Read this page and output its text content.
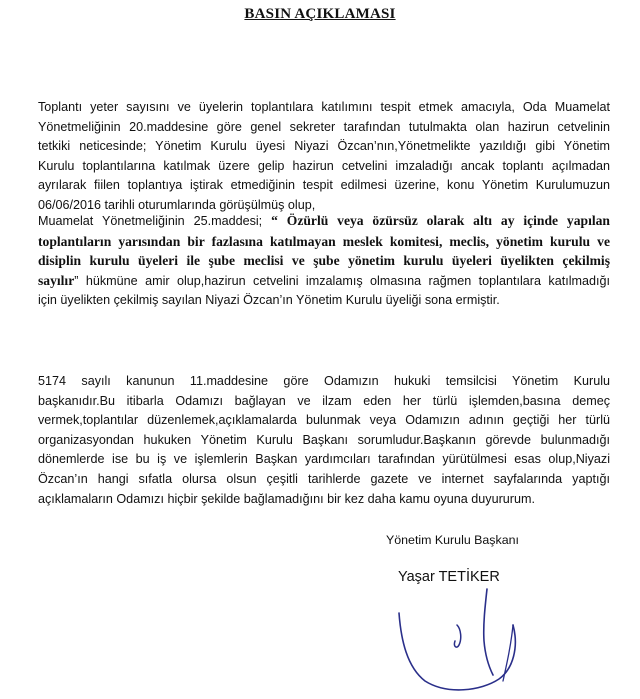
BASIN AÇIKLAMASI

Toplantı yeter sayısını ve üyelerin toplantılara katılımını tespit etmek amacıyla, Oda Muamelat
Yönetmeliğinin 20.maddesine göre genel sekreter tarafından tutulmakta olan hazirun cetvelinin
tetkiki neticesinde; Yönetim Kurulu üyesi Niyazi Özcan’nın,Yönetmelikte yazıldığı gibi Yönetim
Kurulu toplantılarına katılmak üzere gelip hazirun cetvelini imzaladığı ancak toplantı açılmadan
ayrılarak fiilen toplantıya iştirak etmediğinin tespit edilmesi üzerine, konu Yönetim Kurulumuzun
06/06/2016 tarihli oturumlarında görüşülmüş olup,

Muamelat Yönetmeliğinin 25.maddesi; “ Özürlü veya özürsüz olarak altı ay içinde yapılan
toplantıların yarısından bir fazlasına katılmayan meslek komitesi, meclis, yönetim kurulu ve
disiplin kurulu üyeleri ile şube meclisi ve şube yönetim kurulu üyeleri üyelikten çekilmiş
sayılır” hükmüne amir olup,hazirun cetvelini imzalamış olmasına rağmen toplantılara katılmadığı
için üyelikten çekilmiş sayılan Niyazi Özcan’ın Yönetim Kurulu üyeliği sona ermiştir.

5174 sayılı kanunun 11.maddesine göre Odamızın hukuki temsilcisi Yönetim Kurulu
başkanıdır.Bu itibarla Odamızı bağlayan ve ilzam eden her türlü işlemden,basına demeç
vermek,toplantılar düzenlemek,açıklamalarda bulunmak veya Odamızın adının geçtiği her türlü
organizasyondan hukuken Yönetim Kurulu Başkanı sorumludur.Başkanın görevde bulunmadığı
dönemlerde ise bu iş ve işlemlerin Başkan yardımcıları tarafından yürütülmesi esas olup,Niyazi
Özcan’ın hangi sıfatla olursa olsun çeşitli tarihlerde gazete ve internet sayfalarında yaptığı
açıklamaların Odamızı hiçbir şekilde bağlamadığını bir kez daha kamu oyuna duyururum.

Yönetim Kurulu Başkanı
Yaşar TETİKER
